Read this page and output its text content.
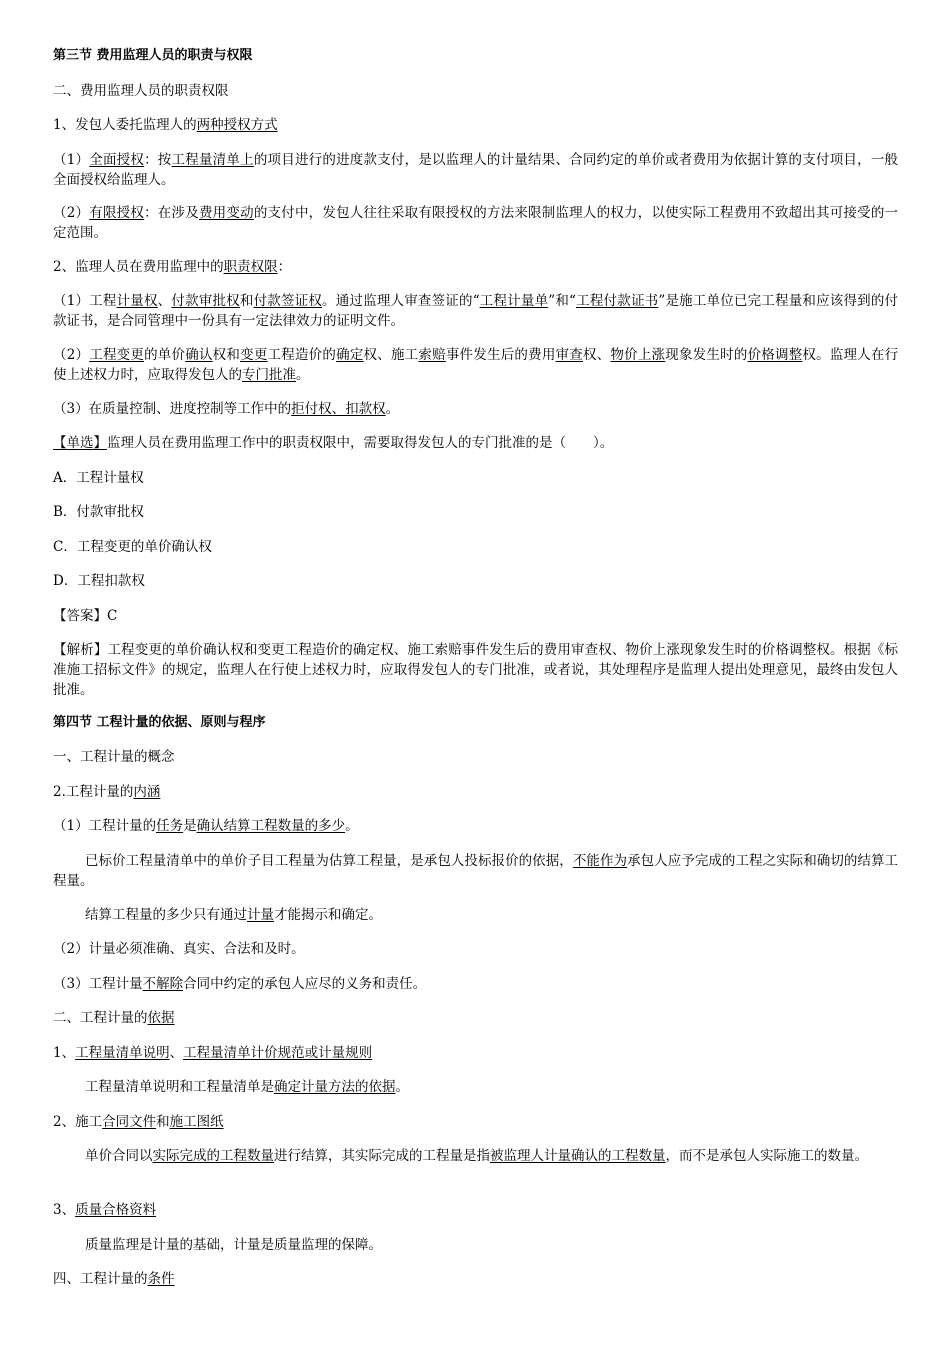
第三节 费用监理人员的职责与权限

二、费用监理人员的职责权限

1、发包人委托监理人的两种授权方式

（1）全面授权：按工程量清单上的项目进行的进度款支付，是以监理人的计量结果、合同约定的单价或者费用为依据计算的支付项目，一般全面授权给监理人。

（2）有限授权：在涉及费用变动的支付中，发包人往往采取有限授权的方法来限制监理人的权力，以使实际工程费用不致超出其可接受的一定范围。

2、监理人员在费用监理中的职责权限：

（1）工程计量权、付款审批权和付款签证权。通过监理人审查签证的“工程计量单”和“工程付款证书”是施工单位已完工程量和应该得到的付款证书，是合同管理中一份具有一定法律效力的证明文件。

（2）工程变更的单价确认权和变更工程造价的确定权、施工索赔事件发生后的费用审查权、物价上涨现象发生时的价格调整权。监理人在行使上述权力时，应取得发包人的专门批准。

（3）在质量控制、进度控制等工作中的拒付权、扣款权。

【单选】监理人员在费用监理工作中的职责权限中，需要取得发包人的专门批准的是（　　）。

A．工程计量权

B．付款审批权

C．工程变更的单价确认权

D．工程扣款权

【答案】C

【解析】工程变更的单价确认权和变更工程造价的确定权、施工索赔事件发生后的费用审查权、物价上涨现象发生时的价格调整权。根据《标准施工招标文件》的规定，监理人在行使上述权力时，应取得发包人的专门批准，或者说，其处理程序是监理人提出处理意见，最终由发包人批准。

第四节 工程计量的依据、原则与程序

一、工程计量的概念

2.工程计量的内涵

（1）工程计量的任务是确认结算工程数量的多少。

已标价工程量清单中的单价子目工程量为估算工程量，是承包人投标报价的依据，不能作为承包人应予完成的工程之实际和确切的结算工程量。

结算工程量的多少只有通过计量才能揭示和确定。

（2）计量必须准确、真实、合法和及时。

（3）工程计量不解除合同中约定的承包人应尽的义务和责任。

二、工程计量的依据

1、工程量清单说明、工程量清单计价规范或计量规则

工程量清单说明和工程量清单是确定计量方法的依据。

2、施工合同文件和施工图纸

单价合同以实际完成的工程数量进行结算，其实际完成的工程量是指被监理人计量确认的工程数量，而不是承包人实际施工的数量。

3、质量合格资料

质量监理是计量的基础，计量是质量监理的保障。

四、工程计量的条件
